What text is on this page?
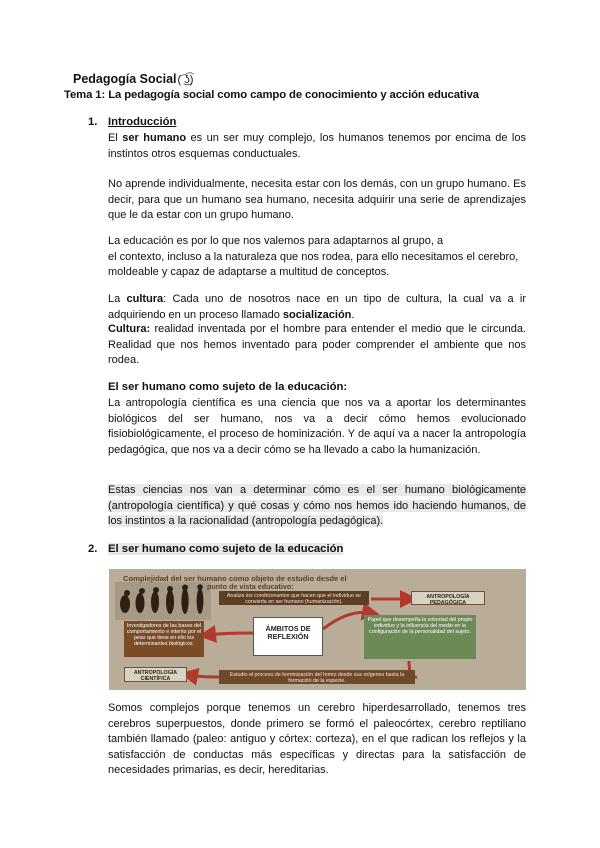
Pedagogía Social(͡ ͜ʖ͡)
Tema 1: La pedagogía social como campo de conocimiento y acción educativa
1. Introducción
El ser humano es un ser muy complejo, los humanos tenemos por encima de los instintos otros esquemas conductuales.
No aprende individualmente, necesita estar con los demás, con un grupo humano. Es decir, para que un humano sea humano, necesita adquirir una serie de aprendizajes que le da estar con un grupo humano.
La educación es por lo que nos valemos para adaptarnos al grupo, a
el contexto, incluso a la naturaleza que nos rodea, para ello necesitamos el cerebro, moldeable y capaz de adaptarse a multitud de conceptos.
La cultura: Cada uno de nosotros nace en un tipo de cultura, la cual va a ir adquiriendo en un proceso llamado socialización.
Cultura: realidad inventada por el hombre para entender el medio que le circunda. Realidad que nos hemos inventado para poder comprender el ambiente que nos rodea.
El ser humano como sujeto de la educación:
La antropología científica es una ciencia que nos va a aportar los determinantes biológicos del ser humano, nos va a decir cómo hemos evolucionado fisiobiológicamente, el proceso de hominización. Y de aquí va a nacer la antropología pedagógica, que nos va a decir cómo se ha llevado a cabo la humanización.
Estas ciencias nos van a determinar cómo es el ser humano biológicamente (antropología científica) y qué cosas y cómo nos hemos ido haciendo humanos, de los instintos a la racionalidad (antropología pedagógica).
2. El ser humano como sujeto de la educación
Complejidad del ser humano como objeto de estudio desde el
punto de vista educativo:
Analiza los condicionantes que hacen que el individuo se convierta en ser humano (humanización).
ANTROPOLOGÍA PEDAGÓGICA
Investigadores de las bases del comportamiento e interés por el peso que tiene en ello los determinantes biológicos.
ÁMBITOS DE REFLEXIÓN
Papel que desempeña la voluntad del propio individuo y la influencia del medio en la configuración de la personalidad del sujeto.
ANTROPOLOGÍA CIENTÍFICA
Estudio el proceso de hominización del homo desde sus orígenes hasta la formación de la especie.
Somos complejos porque tenemos un cerebro hiperdesarrollado, tenemos tres cerebros superpuestos, donde primero se formó el paleocórtex, cerebro reptiliano también llamado (paleo: antiguo y córtex: corteza), en el que radican los reflejos y la satisfacción de conductas más específicas y directas para la satisfacción de necesidades primarias, es decir, hereditarias.
